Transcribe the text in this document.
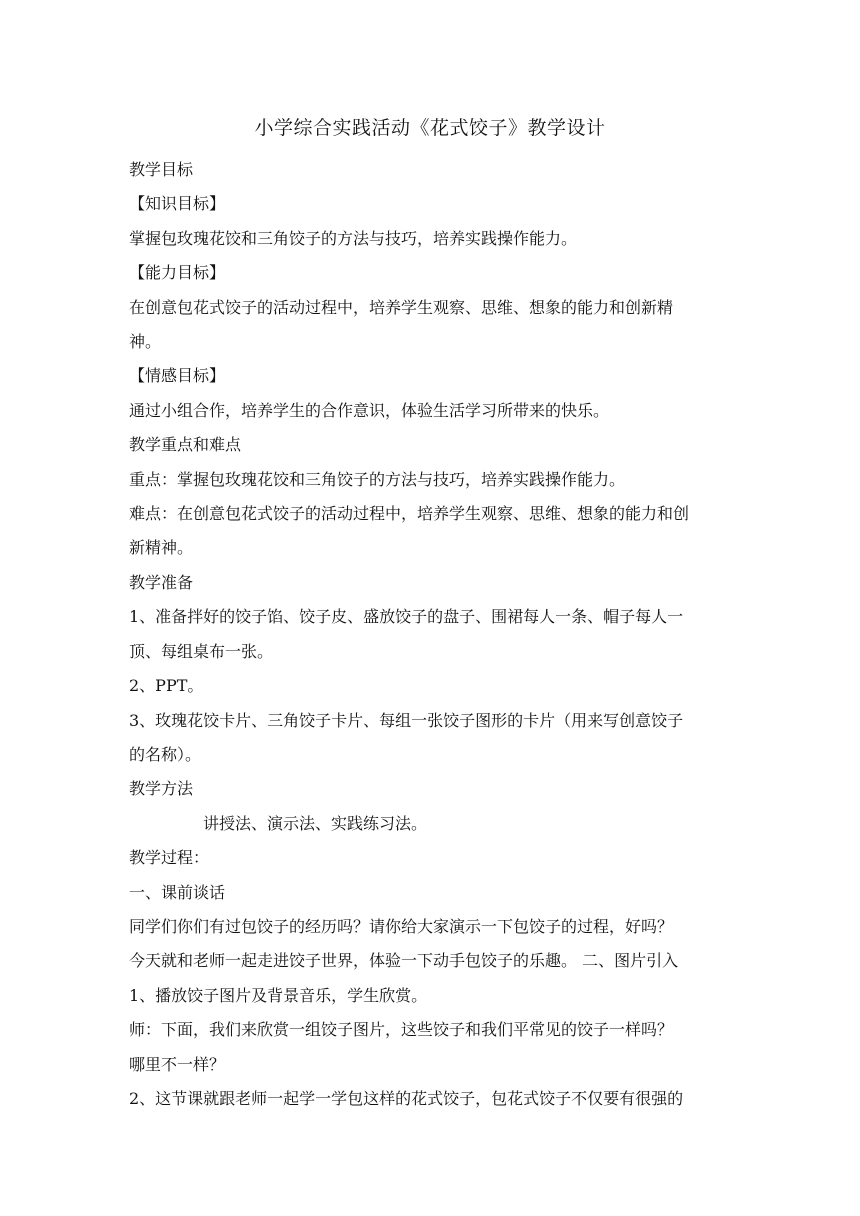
小学综合实践活动《花式饺子》教学设计

教学目标

【知识目标】

掌握包玫瑰花饺和三角饺子的方法与技巧，培养实践操作能力。

【能力目标】

在创意包花式饺子的活动过程中，培养学生观察、思维、想象的能力和创新精

神。

【情感目标】

通过小组合作，培养学生的合作意识，体验生活学习所带来的快乐。

教学重点和难点

重点：掌握包玫瑰花饺和三角饺子的方法与技巧，培养实践操作能力。

难点：在创意包花式饺子的活动过程中，培养学生观察、思维、想象的能力和创

新精神。

教学准备

1、准备拌好的饺子馅、饺子皮、盛放饺子的盘子、围裙每人一条、帽子每人一

顶、每组桌布一张。

2、PPT。

3、玫瑰花饺卡片、三角饺子卡片、每组一张饺子图形的卡片（用来写创意饺子

的名称）。

教学方法

讲授法、演示法、实践练习法。

教学过程：

一、课前谈话

同学们你们有过包饺子的经历吗？请你给大家演示一下包饺子的过程，好吗？

今天就和老师一起走进饺子世界，体验一下动手包饺子的乐趣。 二、图片引入

1、播放饺子图片及背景音乐，学生欣赏。

师：下面，我们来欣赏一组饺子图片，这些饺子和我们平常见的饺子一样吗？

哪里不一样？

2、这节课就跟老师一起学一学包这样的花式饺子，包花式饺子不仅要有很强的
